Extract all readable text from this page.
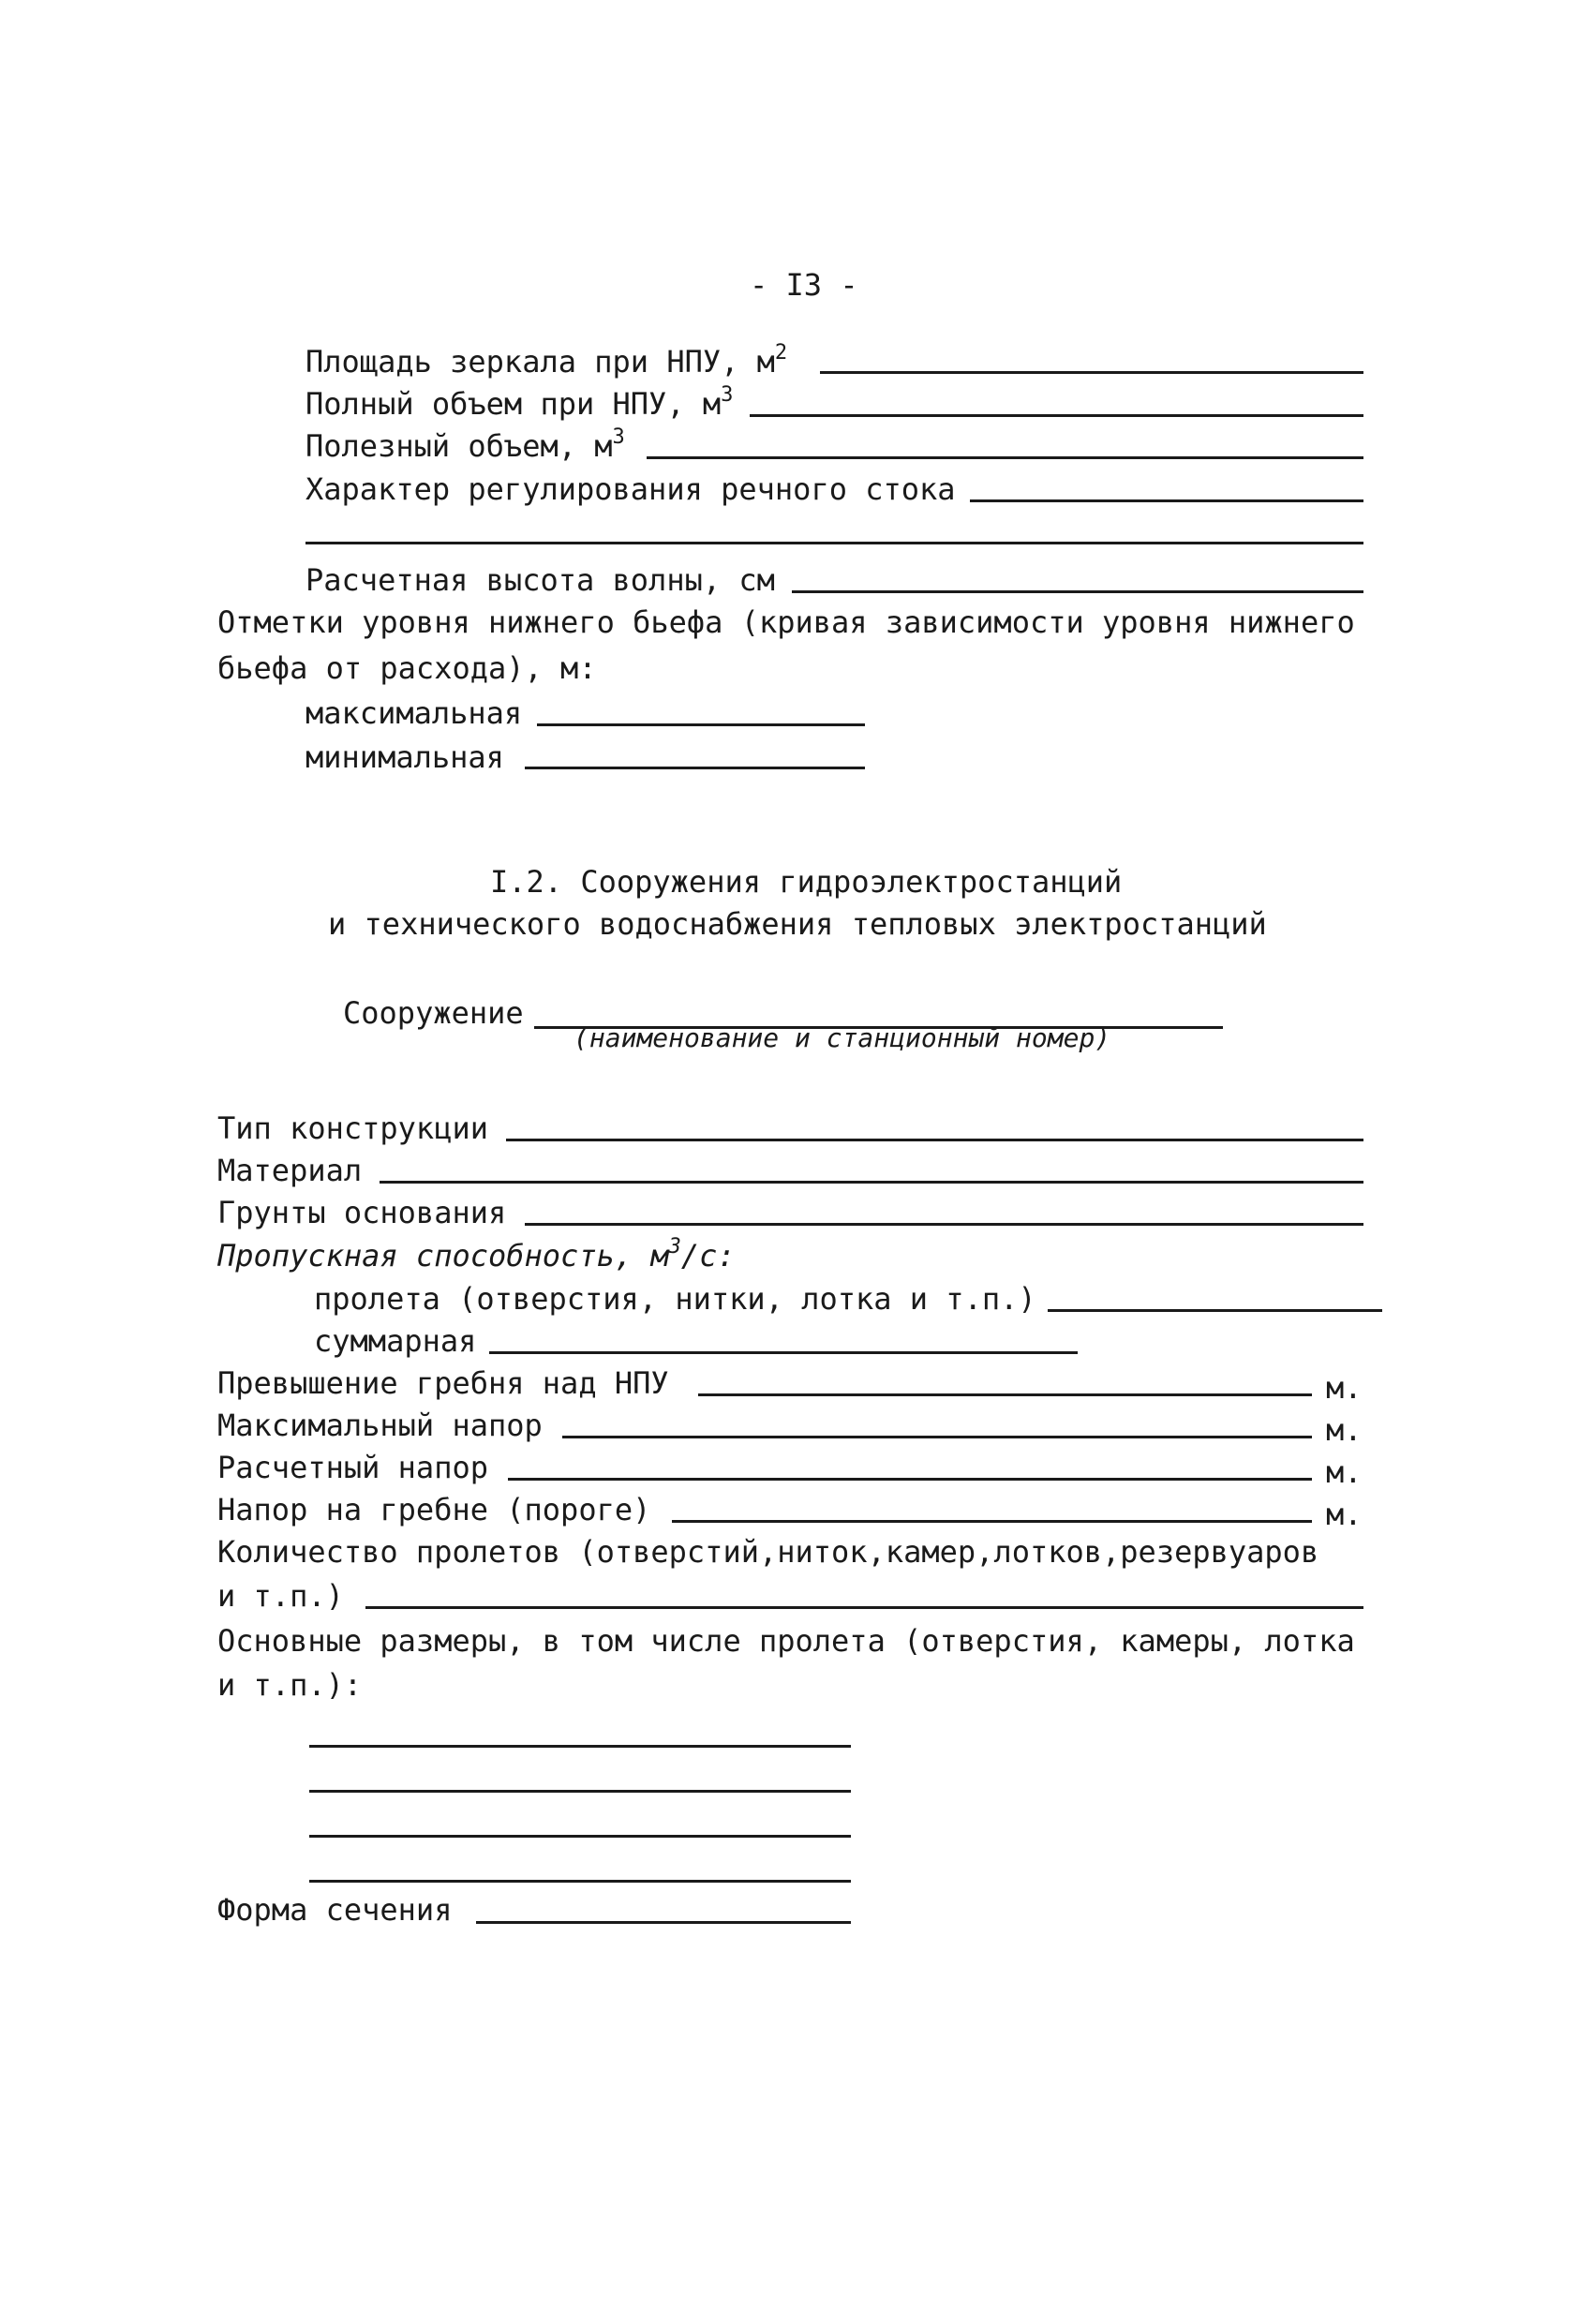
- I3 -
Площадь зеркала при НПУ, $м^2$
Полный объем при НПУ, $м^3$
Полезный объем, $м^3$
Характер регулирования речного стока
Расчетная высота волны, см
Отметки уровня нижнего бьефа (кривая зависимости уровня нижнего
бьефа от расхода), м:
максимальная
минимальная
I.2. Сооружения гидроэлектростанций
и технического водоснабжения тепловых электростанций
Сооружение
(наименование и станционный номер)
Тип конструкции
Материал
Грунты основания
Пропускная способность, $м^3/с$:
пролета (отверстия, нитки, лотка и т.п.)
суммарная
Превышение гребня над НПУ	м.
Максимальный напор	м.
Расчетный напор	м.
Напор на гребне (пороге)	м.
Количество пролетов (отверстий,ниток,камер,лотков,резервуаров
и т.п.)
Основные размеры, в том числе пролета (отверстия, камеры, лотка
и т.п.):
Форма сечения
